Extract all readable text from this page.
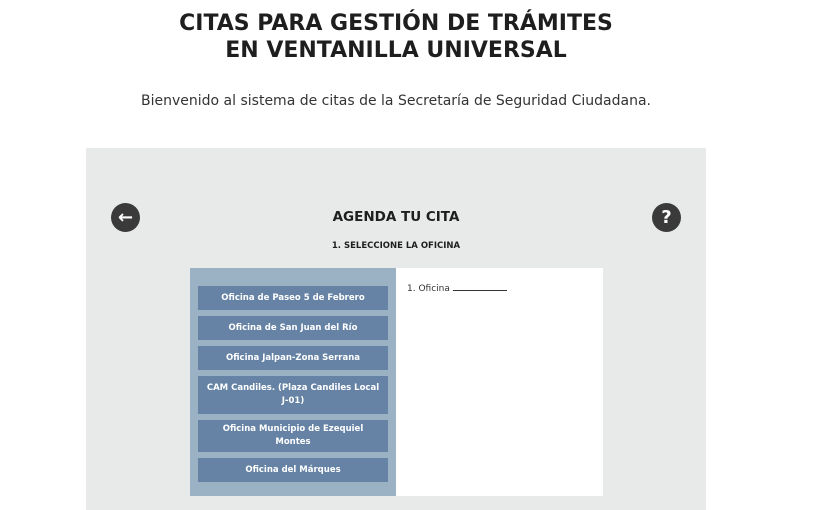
CITAS PARA GESTIÓN DE TRÁMITES
EN VENTANILLA UNIVERSAL
Bienvenido al sistema de citas de la Secretaría de Seguridad Ciudadana.
←	?
AGENDA TU CITA
1. SELECCIONE LA OFICINA
Oficina de Paseo 5 de Febrero
Oficina de San Juan del Río
Oficina Jalpan-Zona Serrana
CAM Candiles. (Plaza Candiles Local J-01)
Oficina Municipio de Ezequiel Montes
Oficina del Márques
1. Oficina
